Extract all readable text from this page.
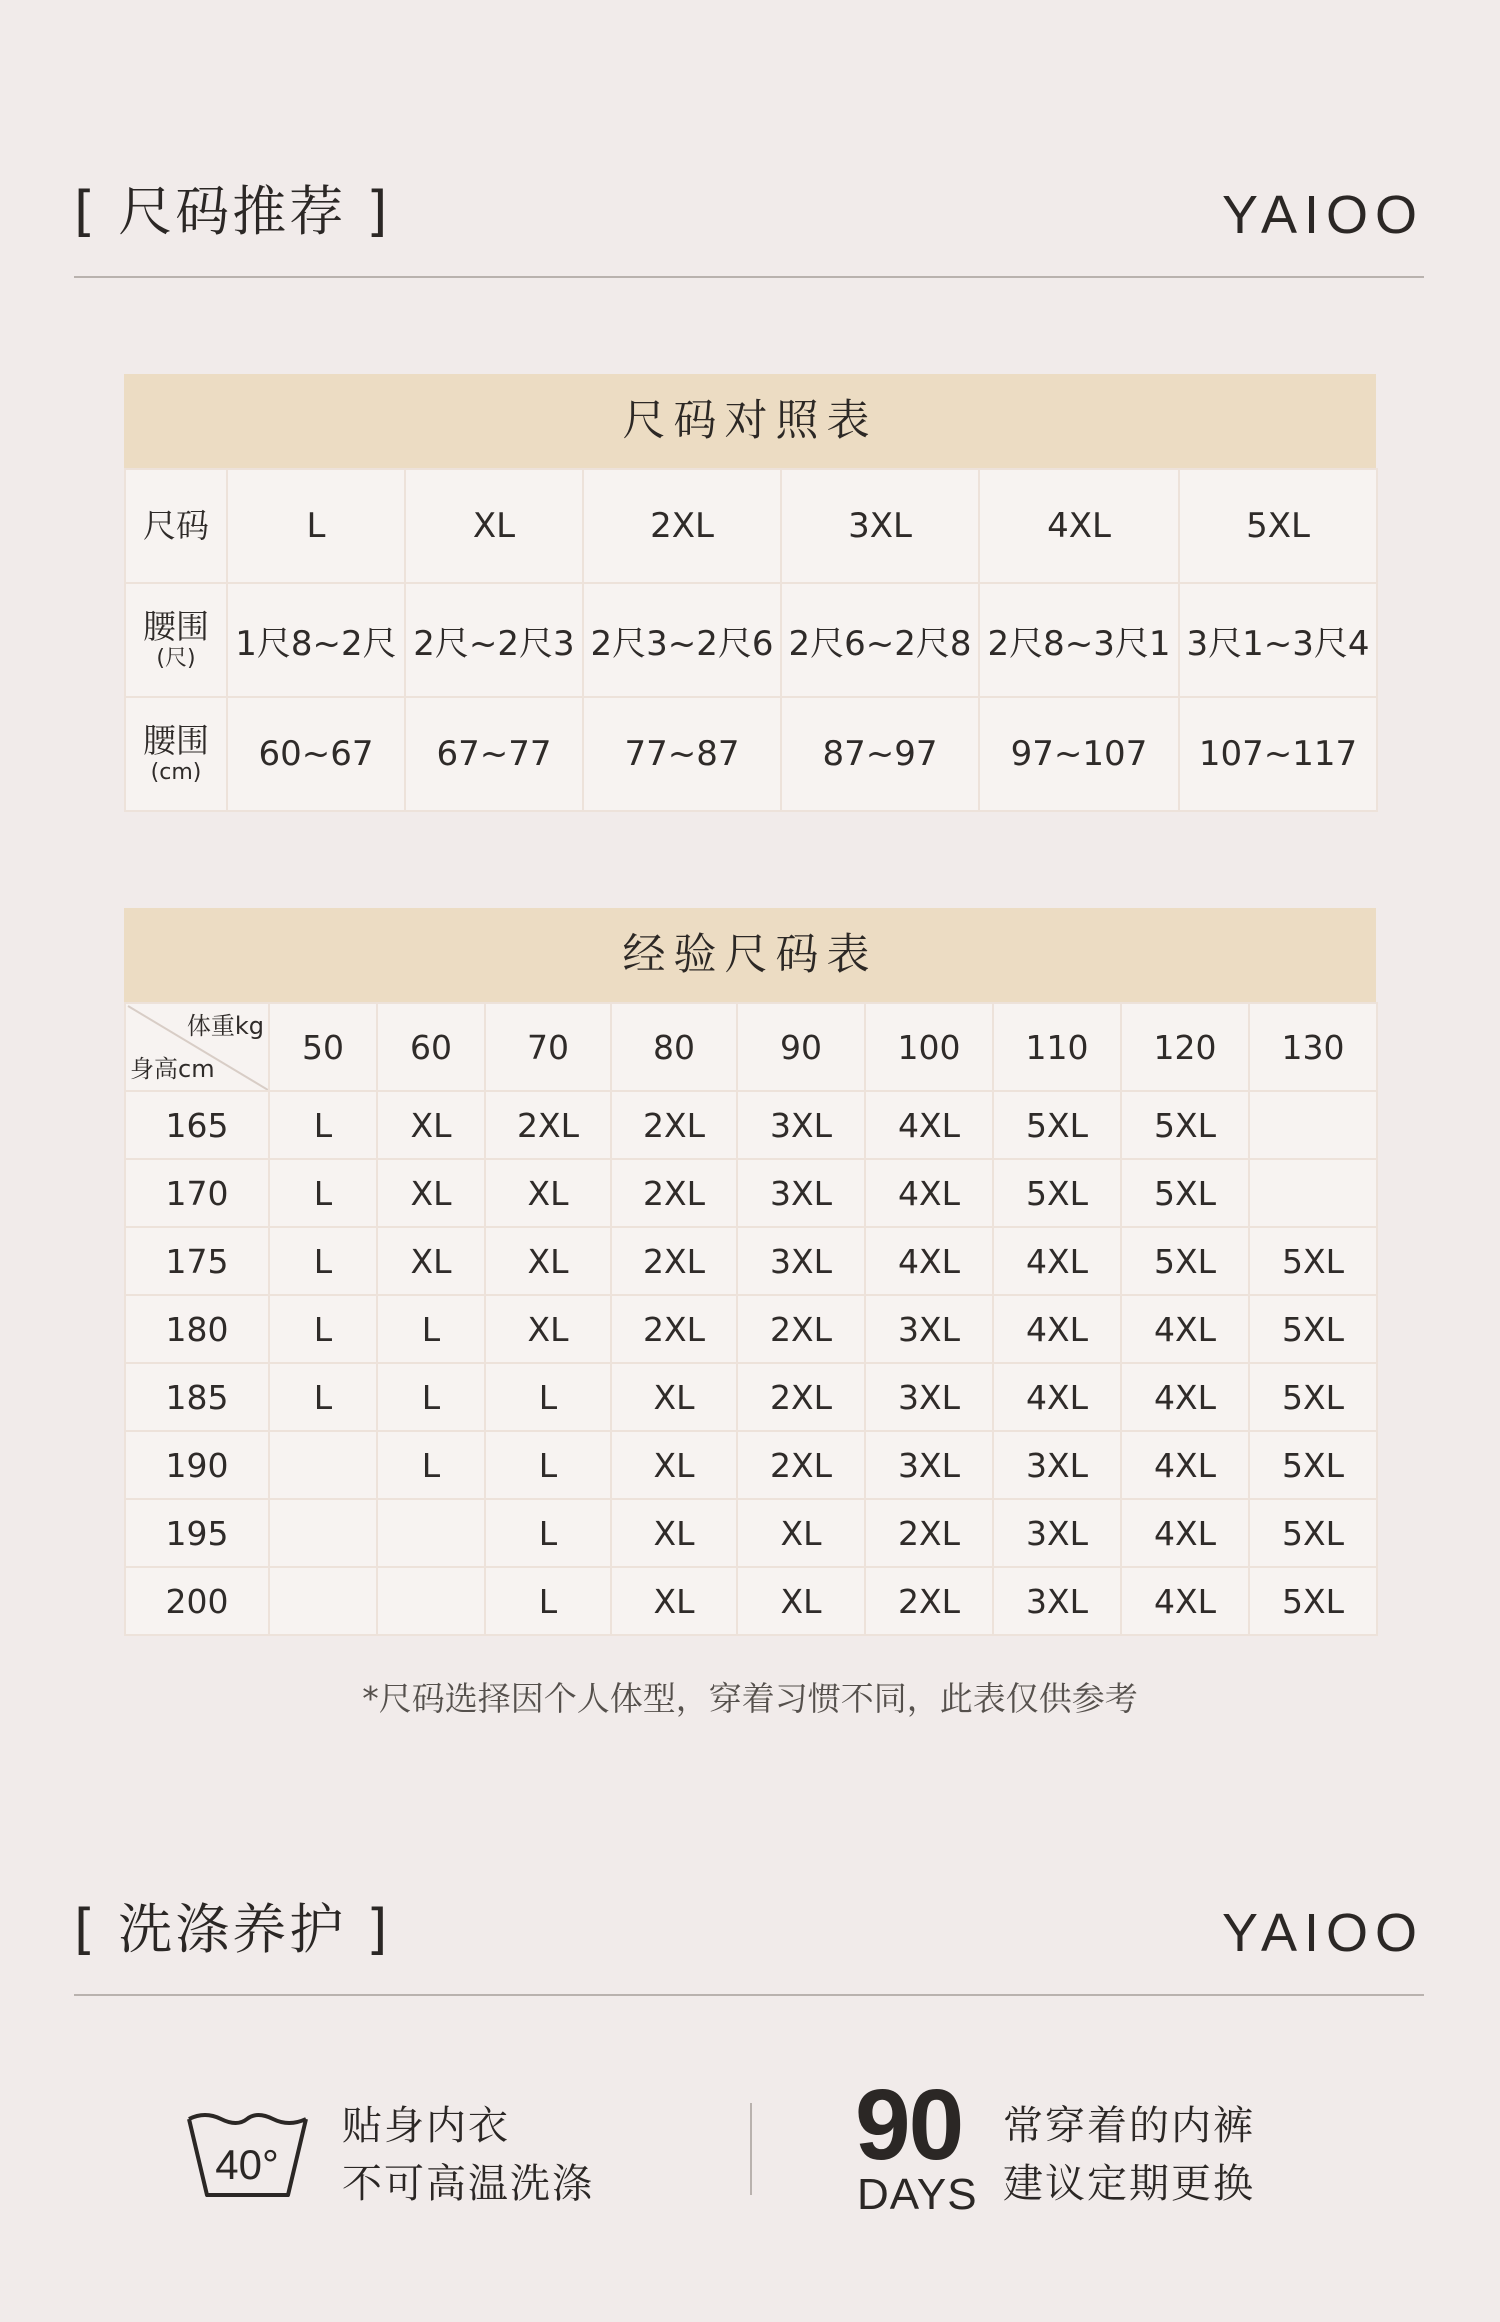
[ 尺码推荐 ]	YAIOO
尺码对照表
尺码	L	XL	2XL	3XL	4XL	5XL
腰围
(尺)	1尺8~2尺	2尺~2尺3	2尺3~2尺6	2尺6~2尺8	2尺8~3尺1	3尺1~3尺4
腰围
(cm)	60~67	67~77	77~87	87~97	97~107	107~117
经验尺码表
体重kg
身高cm	50	60	70	80	90	100	110	120	130
165	L	XL	2XL	2XL	3XL	4XL	5XL	5XL	
170	L	XL	XL	2XL	3XL	4XL	5XL	5XL	
175	L	XL	XL	2XL	3XL	4XL	4XL	5XL	5XL
180	L	L	XL	2XL	2XL	3XL	4XL	4XL	5XL
185	L	L	L	XL	2XL	3XL	4XL	4XL	5XL
190		L	L	XL	2XL	3XL	3XL	4XL	5XL
195			L	XL	XL	2XL	3XL	4XL	5XL
200			L	XL	XL	2XL	3XL	4XL	5XL
*尺码选择因个人体型，穿着习惯不同，此表仅供参考
[ 洗涤养护 ]	YAIOO
40°
贴身内衣
不可高温洗涤
90
DAYS
常穿着的内裤
建议定期更换
